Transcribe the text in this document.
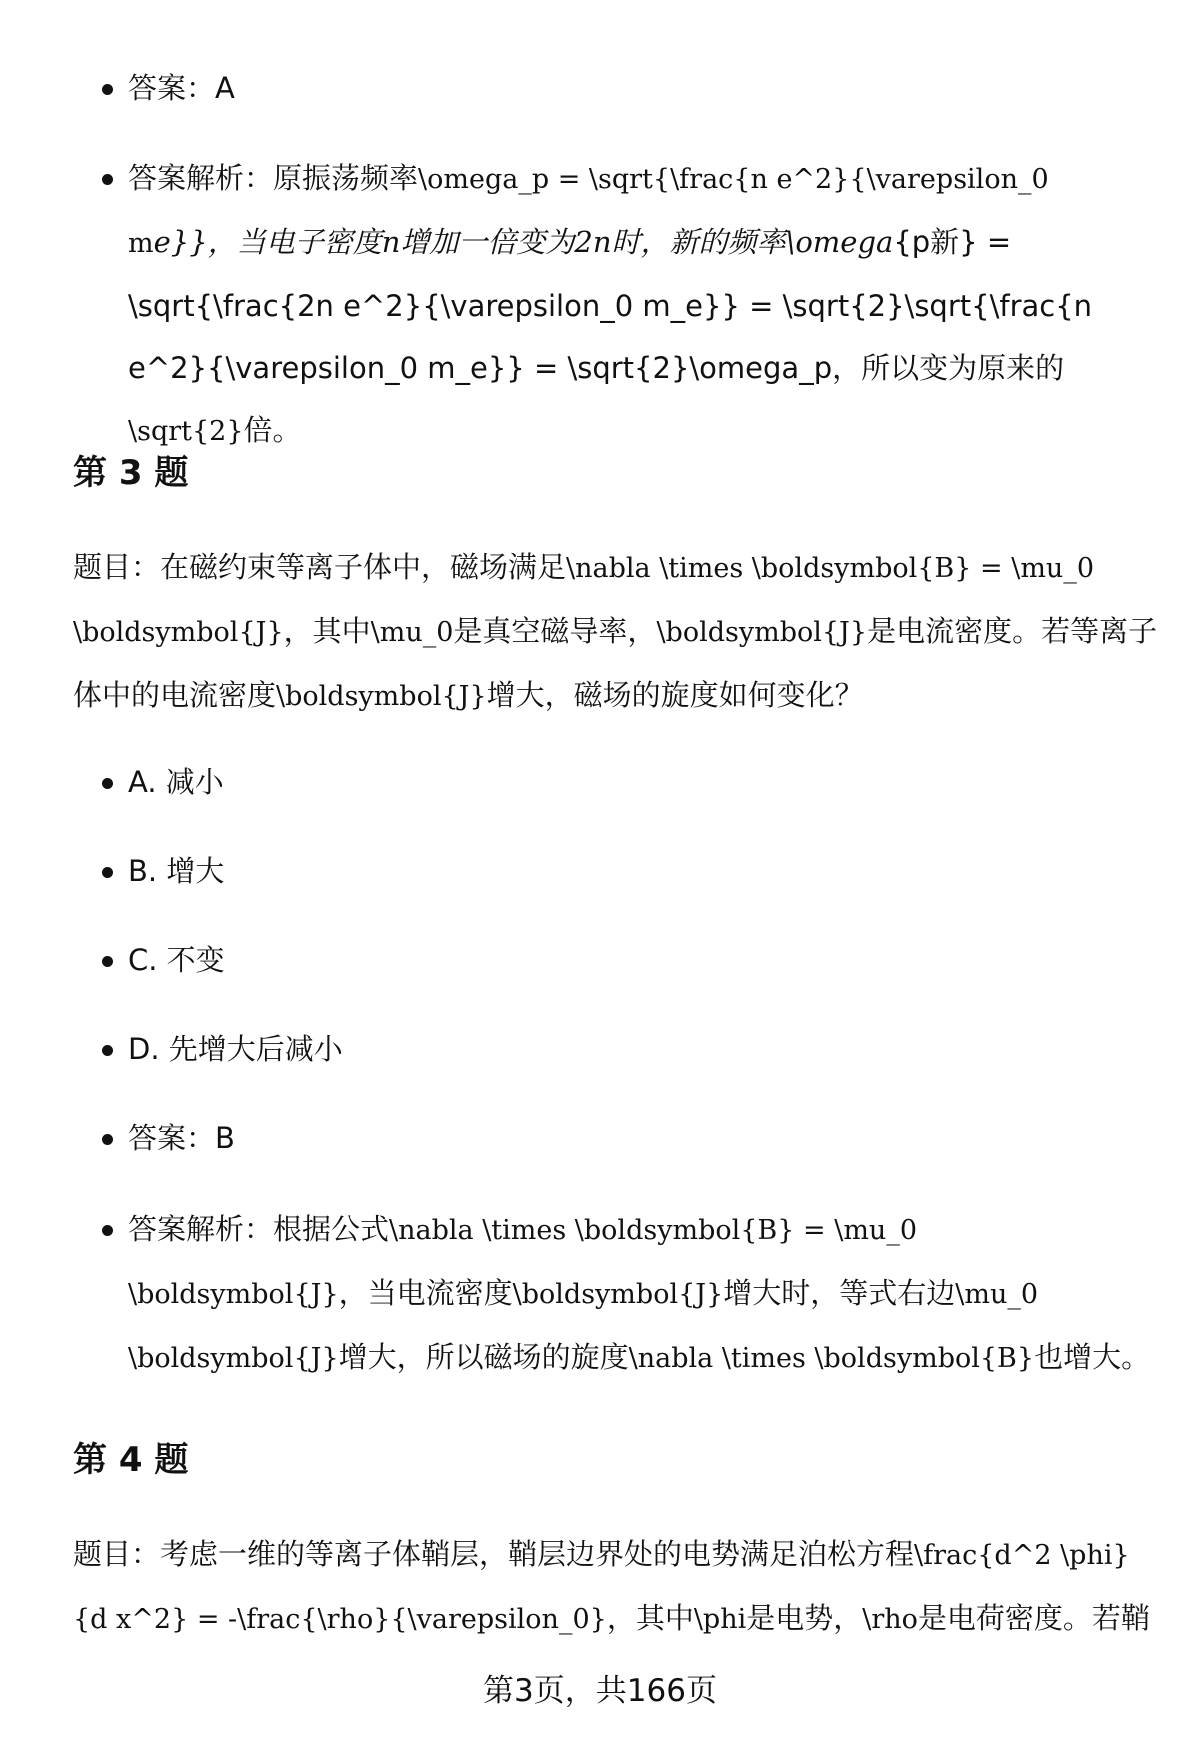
答案：A
答案解析：原振荡频率\omega_p = \sqrt{\frac{n e^2}{\varepsilon_0 me}}，当电子密度n增加一倍变为2n时，新的频率\omega{p新} = \sqrt{\frac{2n e^2}{\varepsilon_0 m_e}} = \sqrt{2}\sqrt{\frac{n e^2}{\varepsilon_0 m_e}} = \sqrt{2}\omega_p，所以变为原来的\sqrt{2}倍。
第 3 题

题目：在磁约束等离子体中，磁场满足\nabla \times \boldsymbol{B} = \mu_0 \boldsymbol{J}，其中\mu_0是真空磁导率，\boldsymbol{J}是电流密度。若等离子体中的电流密度\boldsymbol{J}增大，磁场的旋度如何变化？

A. 减小
B. 增大
C. 不变
D. 先增大后减小
答案：B
答案解析：根据公式\nabla \times \boldsymbol{B} = \mu_0 \boldsymbol{J}，当电流密度\boldsymbol{J}增大时，等式右边\mu_0 \boldsymbol{J}增大，所以磁场的旋度\nabla \times \boldsymbol{B}也增大。
第 4 题

题目：考虑一维的等离子体鞘层，鞘层边界处的电势满足泊松方程\frac{d^2 \phi}{d x^2} = -\frac{\rho}{\varepsilon_0}，其中\phi是电势，\rho是电荷密度。若鞘

第3页，共166页
